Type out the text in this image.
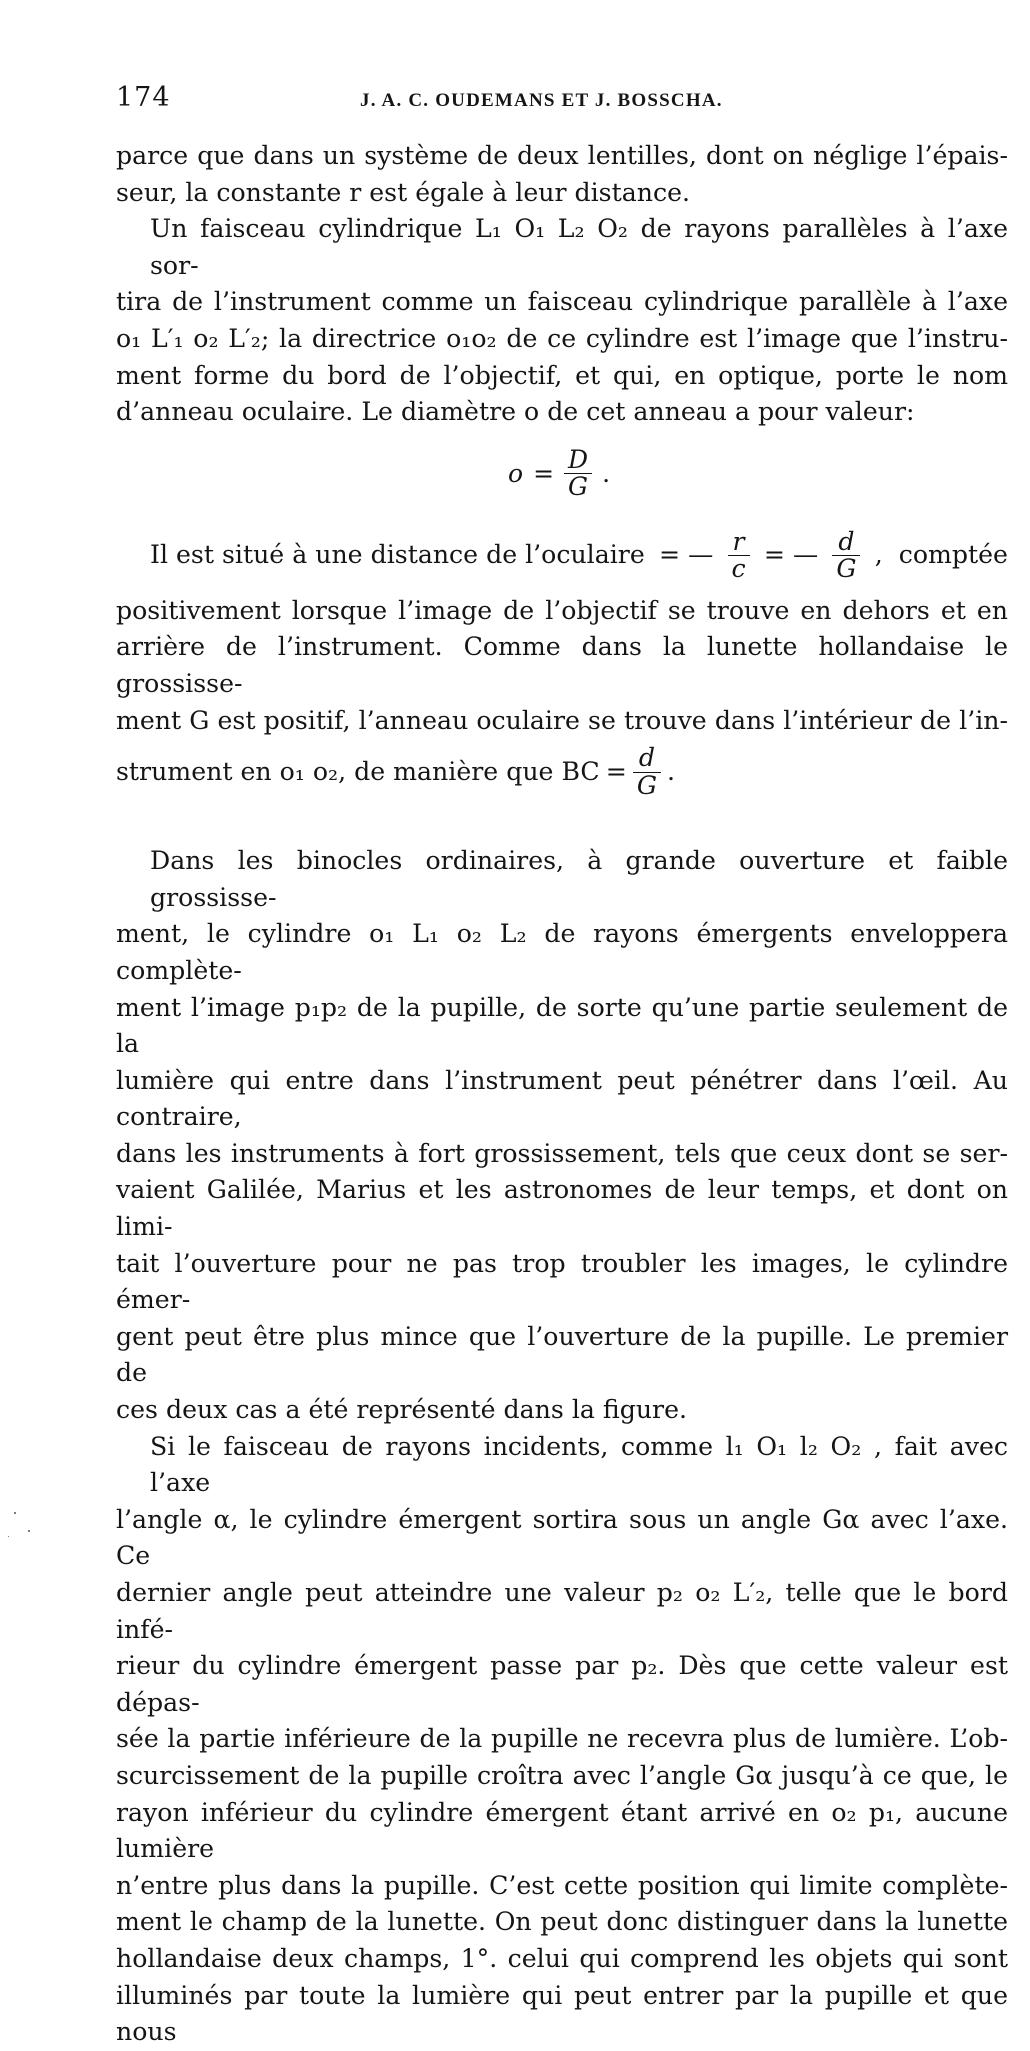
174	J. A. C. OUDEMANS ET J. BOSSCHA.

parce que dans un système de deux lentilles, dont on néglige l’épais-
seur, la constante r est égale à leur distance.

Un faisceau cylindrique L₁ O₁ L₂ O₂ de rayons parallèles à l’axe sor-
tira de l’instrument comme un faisceau cylindrique parallèle à l’axe
o₁ L′₁ o₂ L′₂; la directrice o₁o₂ de ce cylindre est l’image que l’instru-
ment forme du bord de l’objectif, et qui, en optique, porte le nom
d’anneau oculaire. Le diamètre o de cet anneau a pour valeur:

$o = \frac{D}{G}$ .
Il est situé à une distance de l’oculaire = — $\frac{r}{c}$ = — $\frac{d}{G}$ ,  comptée
positivement lorsque l’image de l’objectif se trouve en dehors et en
arrière de l’instrument. Comme dans la lunette hollandaise le grossisse-
ment G est positif, l’anneau oculaire se trouve dans l’intérieur de l’in-
strument en o₁ o₂, de manière que BC = $\frac{d}{G}$ .

Dans les binocles ordinaires, à grande ouverture et faible grossisse-
ment, le cylindre o₁ L₁ o₂ L₂ de rayons émergents enveloppera complète-
ment l’image p₁p₂ de la pupille, de sorte qu’une partie seulement de la
lumière qui entre dans l’instrument peut pénétrer dans l’œil. Au contraire,
dans les instruments à fort grossissement, tels que ceux dont se ser-
vaient Galilée, Marius et les astronomes de leur temps, et dont on limi-
tait l’ouverture pour ne pas trop troubler les images, le cylindre émer-
gent peut être plus mince que l’ouverture de la pupille. Le premier de
ces deux cas a été représenté dans la figure.

Si le faisceau de rayons incidents, comme l₁ O₁ l₂ O₂ , fait avec l’axe
l’angle α, le cylindre émergent sortira sous un angle Gα avec l’axe. Ce
dernier angle peut atteindre une valeur p₂ o₂ L′₂, telle que le bord infé-
rieur du cylindre émergent passe par p₂. Dès que cette valeur est dépas-
sée la partie inférieure de la pupille ne recevra plus de lumière. L’ob-
scurcissement de la pupille croîtra avec l’angle Gα jusqu’à ce que, le
rayon inférieur du cylindre émergent étant arrivé en o₂ p₁, aucune lumière
n’entre plus dans la pupille. C’est cette position qui limite complète-
ment le champ de la lunette. On peut donc distinguer dans la lunette
hollandaise deux champs, 1°. celui qui comprend les objets qui sont
illuminés par toute la lumière qui peut entrer par la pupille et que nous
